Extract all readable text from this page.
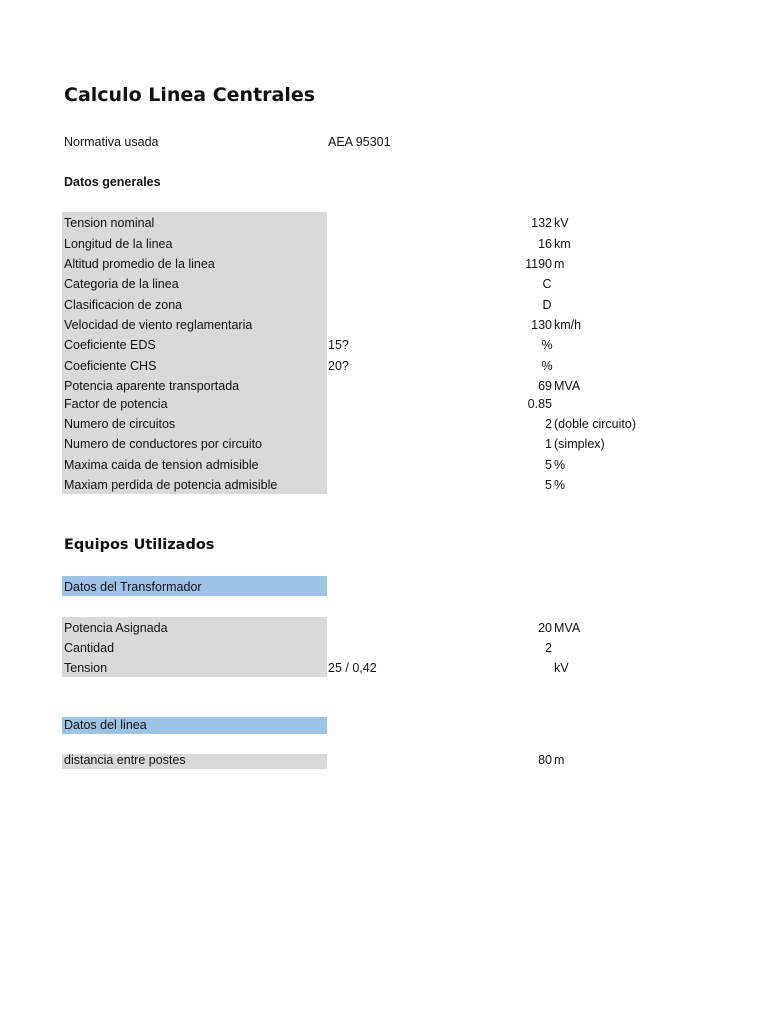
Calculo Linea Centrales
Normativa usada	AEA 95301
Datos generales
Tension nominal	132 kV
Longitud de la linea	16 km
Altitud promedio de la linea	1190 m
Categoria de la linea	C
Clasificacion de zona	D
Velocidad de viento reglamentaria	130 km/h
Coeficiente EDS	15?	%
Coeficiente CHS	20?	%
Potencia aparente transportada	69 MVA
Factor de potencia	0.85
Numero de circuitos	2 (doble circuito)
Numero de conductores por circuito	1 (simplex)
Maxima caida de tension admisible	5 %
Maxiam perdida de potencia admisible	5 %
Equipos Utilizados
Datos del Transformador
Potencia Asignada	20 MVA
Cantidad	2
Tension	25 / 0,42	kV
Datos del linea
distancia entre postes	80 m
